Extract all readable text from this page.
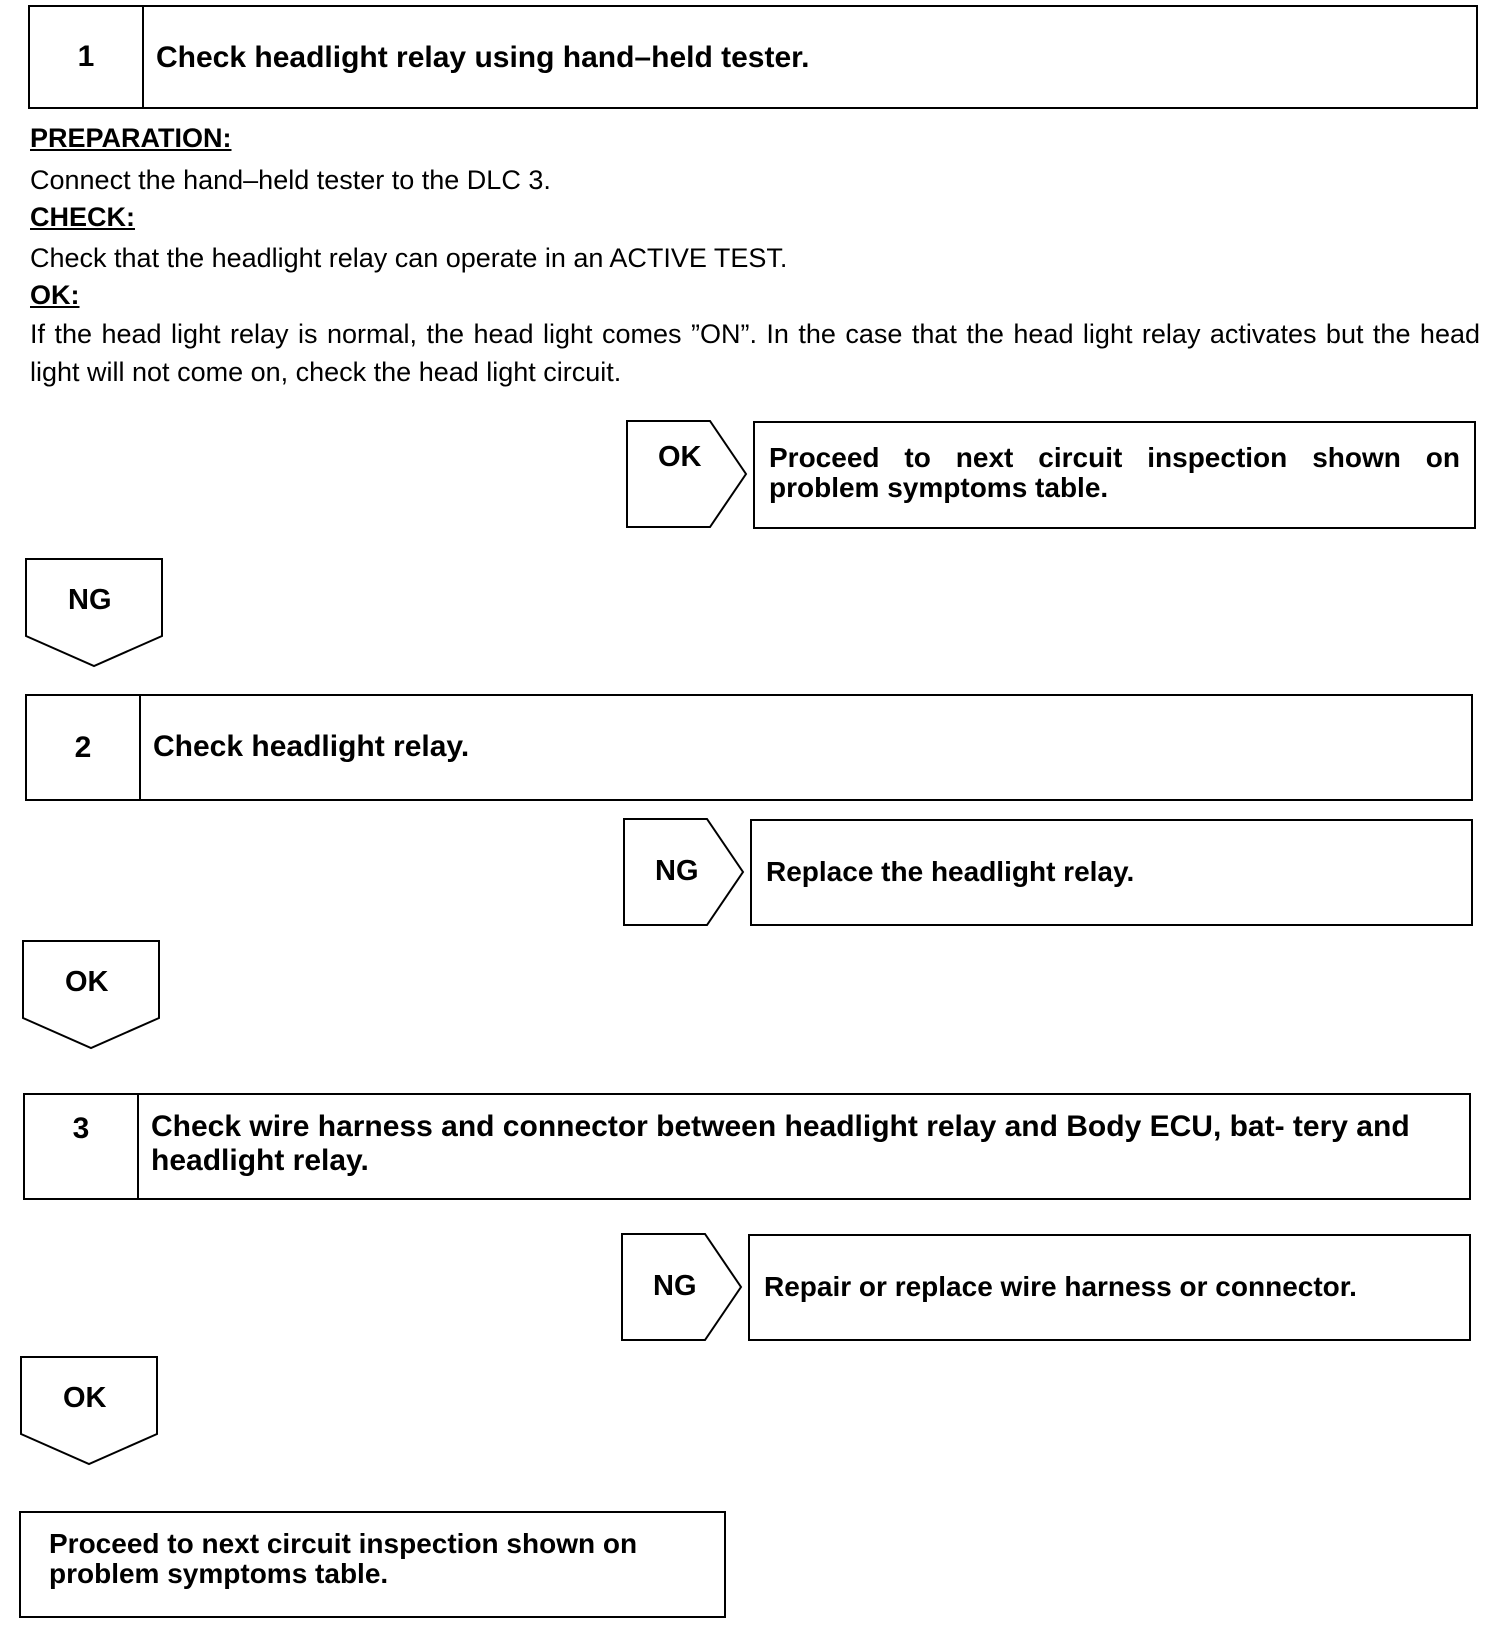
1	Check headlight relay using hand–held tester.
PREPARATION:
Connect the hand–held tester to the DLC 3.
CHECK:
Check that the headlight relay can operate in an ACTIVE TEST.
OK:
If the head light relay is normal, the head light comes ”ON”. In the case that the head light relay activates but the head light will not come on, check the head light circuit.
OK	Proceed to next circuit inspection shown on problem symptoms table.
NG
2	Check headlight relay.
NG	Replace the headlight relay.
OK
3	Check wire harness and connector between headlight relay and Body ECU, bat- tery and headlight relay.
NG	Repair or replace wire harness or connector.
OK
Proceed to next circuit inspection shown on problem symptoms table.
